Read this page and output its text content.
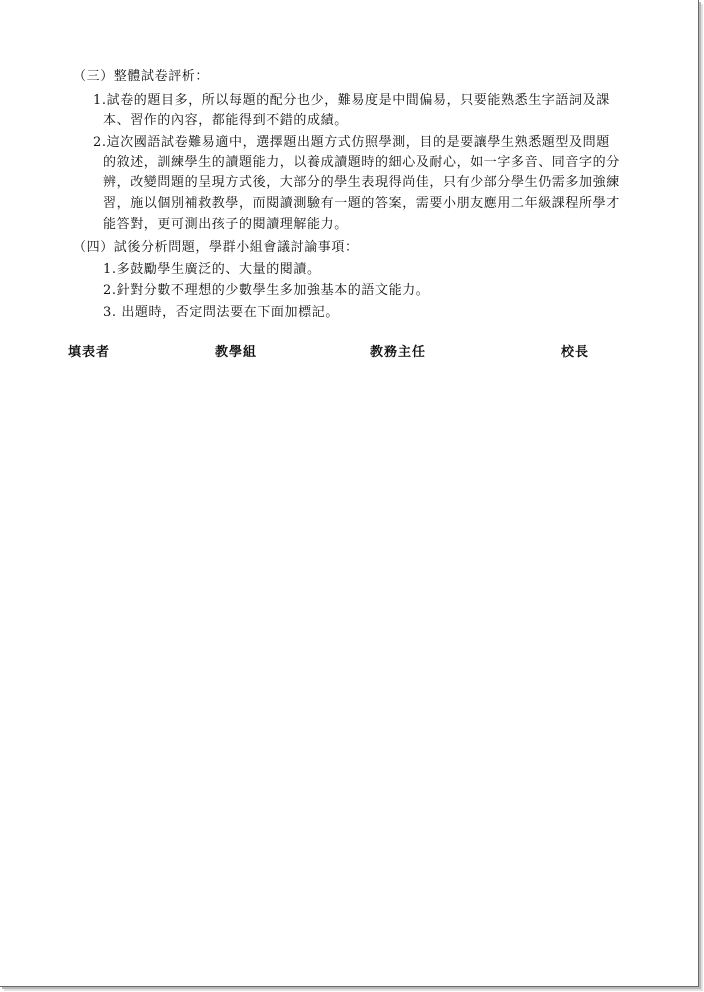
（三）整體試卷評析：
1.試卷的題目多，所以每題的配分也少，難易度是中間偏易，只要能熟悉生字語詞及課
本、習作的內容，都能得到不錯的成績。
2.這次國語試卷難易適中，選擇題出題方式仿照學測，目的是要讓學生熟悉題型及問題
的敘述，訓練學生的讀題能力，以養成讀題時的細心及耐心，如一字多音、同音字的分
辨，改變問題的呈現方式後，大部分的學生表現得尚佳，只有少部分學生仍需多加強練
習，施以個別補救教學，而閱讀測驗有一題的答案，需要小朋友應用二年級課程所學才
能答對，更可測出孩子的閱讀理解能力。
（四）試後分析問題，學群小組會議討論事項：
1.多鼓勵學生廣泛的、大量的閱讀。
2.針對分數不理想的少數學生多加強基本的語文能力。
3. 出題時，否定問法要在下面加標記。
填表者	教學組	教務主任	校長
